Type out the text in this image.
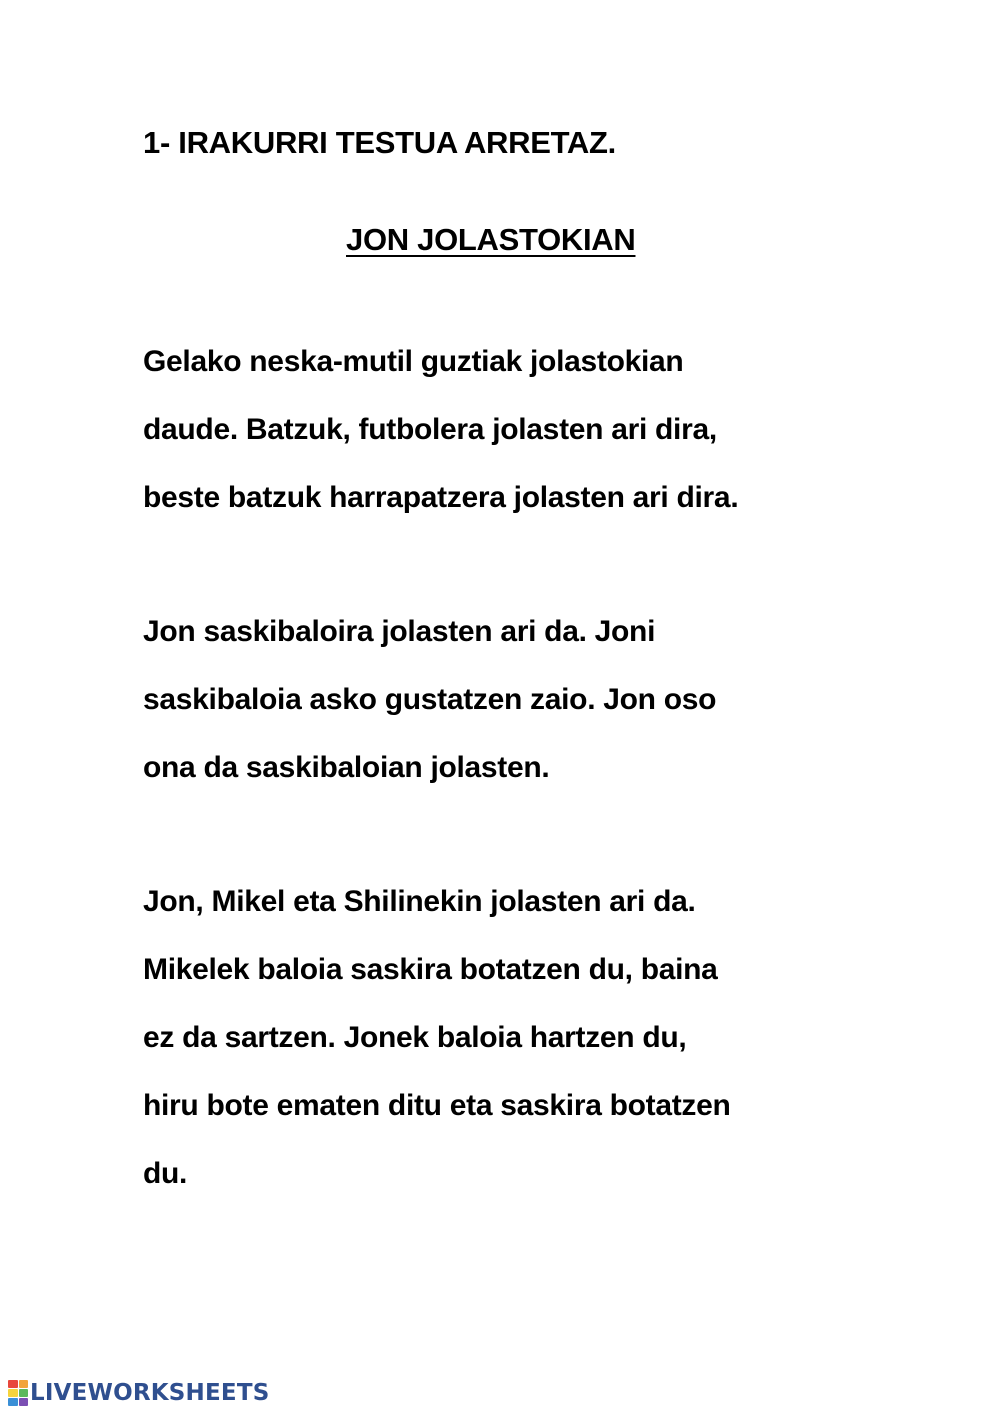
1- IRAKURRI TESTUA ARRETAZ.
JON JOLASTOKIAN
Gelako neska-mutil guztiak jolastokian
daude. Batzuk, futbolera jolasten ari dira,
beste batzuk harrapatzera jolasten ari dira.
Jon saskibaloira jolasten ari da. Joni
saskibaloia asko gustatzen zaio. Jon oso
ona da saskibaloian jolasten.
Jon, Mikel eta Shilinekin jolasten ari da.
Mikelek baloia saskira botatzen du, baina
ez da sartzen. Jonek baloia hartzen du,
hiru bote ematen ditu eta saskira botatzen
du.
LIVEWORKSHEETS
